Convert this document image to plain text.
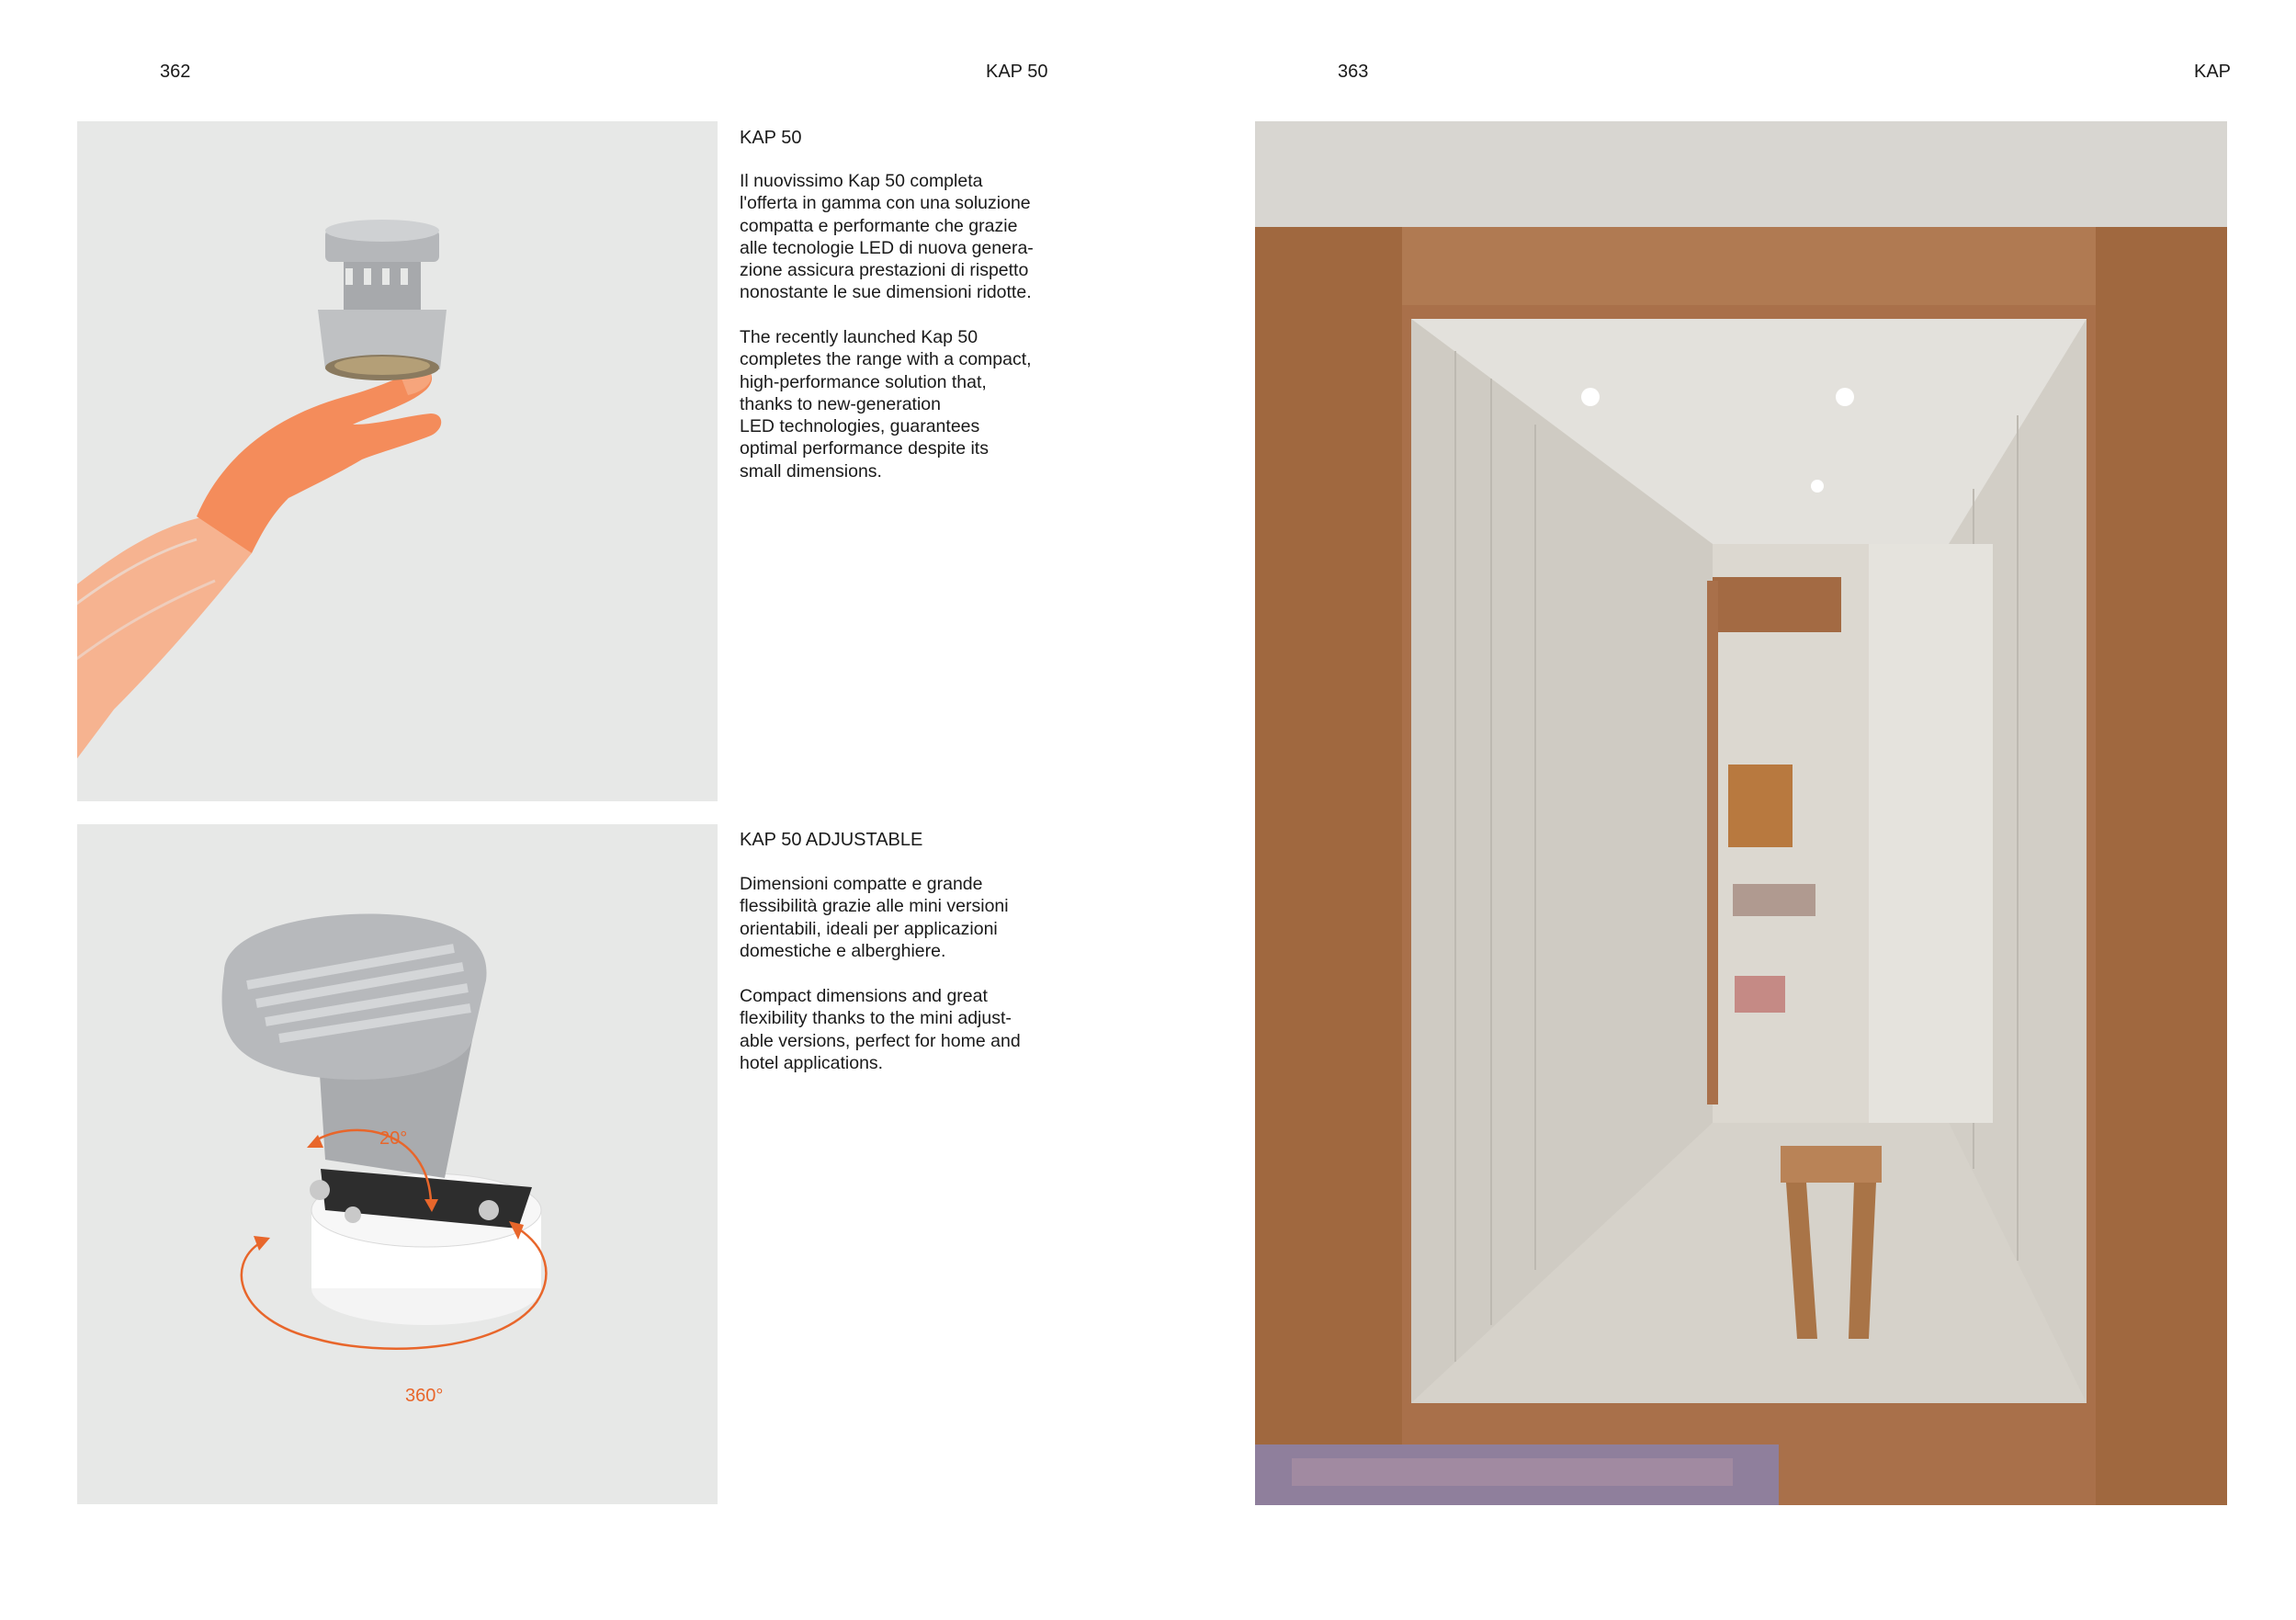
362	KAP 50	363	KAP
20°
360°
KAP 50
Il nuovissimo Kap 50 completa
l'offerta in gamma con una soluzione
compatta e performante che grazie
alle tecnologie LED di nuova genera-
zione assicura prestazioni di rispetto
nonostante le sue dimensioni ridotte.
The recently launched Kap 50
completes the range with a compact,
high-performance solution that,
thanks to new-generation
LED technologies, guarantees
optimal performance despite its
small dimensions.
KAP 50 ADJUSTABLE
Dimensioni compatte e grande
flessibilità grazie alle mini versioni
orientabili, ideali per applicazioni
domestiche e alberghiere.
Compact dimensions and great
flexibility thanks to the mini adjust-
able versions, perfect for home and
hotel applications.
